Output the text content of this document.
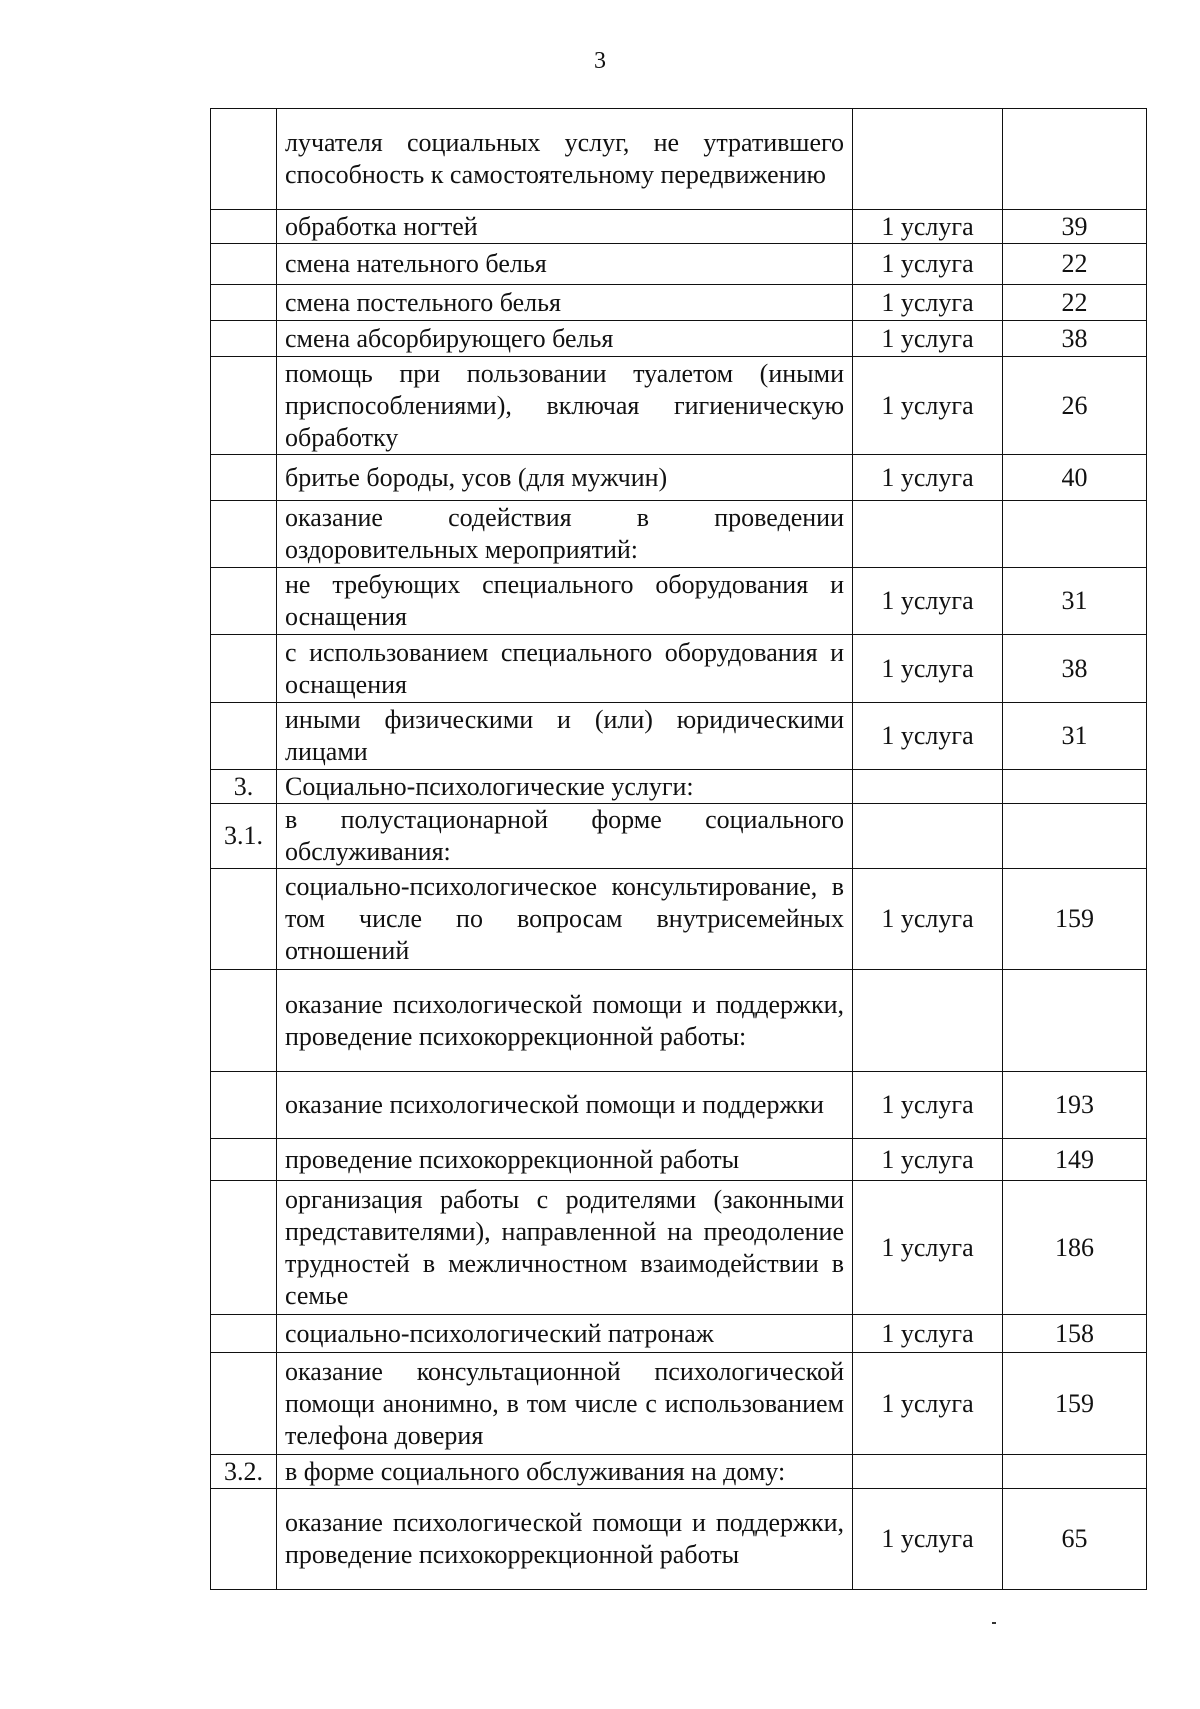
3
	лучателя социальных услуг, не утратившего способность к самостоятельному передвижению		
	обработка ногтей	1 услуга	39
	смена нательного белья	1 услуга	22
	смена постельного белья	1 услуга	22
	смена абсорбирующего белья	1 услуга	38
	помощь при пользовании туалетом (иными приспособлениями), включая гигиеническую обработку	1 услуга	26
	бритье бороды, усов (для мужчин)	1 услуга	40
	оказание содействия в проведении оздоровительных мероприятий:		
	не требующих специального оборудования и оснащения	1 услуга	31
	с использованием специального оборудования и оснащения	1 услуга	38
	иными физическими и (или) юридическими лицами	1 услуга	31
3.	Социально-психологические услуги:		
3.1.	в полустационарной форме социального обслуживания:		
	социально-психологическое консультирование, в том числе по вопросам внутрисемейных отношений	1 услуга	159
	оказание психологической помощи и поддержки, проведение психокоррекционной работы:		
	оказание психологической помощи и поддержки	1 услуга	193
	проведение психокоррекционной работы	1 услуга	149
	организация работы с родителями (законными представителями), направленной на преодоление трудностей в межличностном взаимодействии в семье	1 услуга	186
	социально-психологический патронаж	1 услуга	158
	оказание консультационной психологической помощи анонимно, в том числе с использованием телефона доверия	1 услуга	159
3.2.	в форме социального обслуживания на дому:		
	оказание психологической помощи и поддержки, проведение психокоррекционной работы	1 услуга	65
